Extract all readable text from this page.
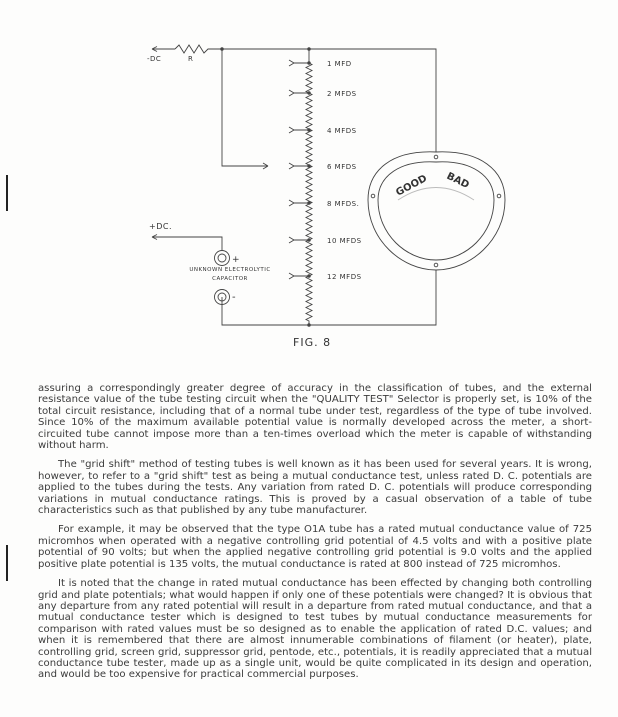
-DC	R
1 MFD
2 MFDS
4 MFDS
6 MFDS
8 MFDS.
10 MFDS
12 MFDS
+DC.
+
UNKNOWN ELECTROLYTIC
CAPACITOR
-
GOOD BAD
FIG. 8

assuring a correspondingly greater degree of accuracy in the classification of tubes, and the external resistance value of the tube testing circuit when the "QUALITY TEST" Selector is properly set, is 10% of the total circuit resistance, including that of a normal tube under test, regardless of the type of tube involved. Since 10% of the maximum available potential value is normally developed across the meter, a short-circuited tube cannot impose more than a ten-times overload which the meter is capable of withstanding without harm.

The "grid shift" method of testing tubes is well known as it has been used for several years. It is wrong, however, to refer to a "grid shift" test as being a mutual conductance test, unless rated D. C. potentials are applied to the tubes during the tests. Any variation from rated D. C. potentials will produce corresponding variations in mutual conductance ratings. This is proved by a casual observation of a table of tube characteristics such as that published by any tube manufacturer.

For example, it may be observed that the type O1A tube has a rated mutual conductance value of 725 micromhos when operated with a negative controlling grid potential of 4.5 volts and with a positive plate potential of 90 volts; but when the applied negative controlling grid potential is 9.0 volts and the applied positive plate potential is 135 volts, the mutual conductance is rated at 800 instead of 725 micromhos.

It is noted that the change in rated mutual conductance has been effected by changing both controlling grid and plate potentials; what would happen if only one of these potentials were changed? It is obvious that any departure from any rated potential will result in a departure from rated mutual conductance, and that a mutual conductance tester which is designed to test tubes by mutual conductance measurements for comparison with rated values must be so designed as to enable the application of rated D.C. values; and when it is remembered that there are almost innumerable combinations of filament (or heater), plate, controlling grid, screen grid, suppressor grid, pentode, etc., potentials, it is readily appreciated that a mutual conductance tube tester, made up as a single unit, would be quite complicated in its design and operation, and would be too expensive for practical commercial purposes.
